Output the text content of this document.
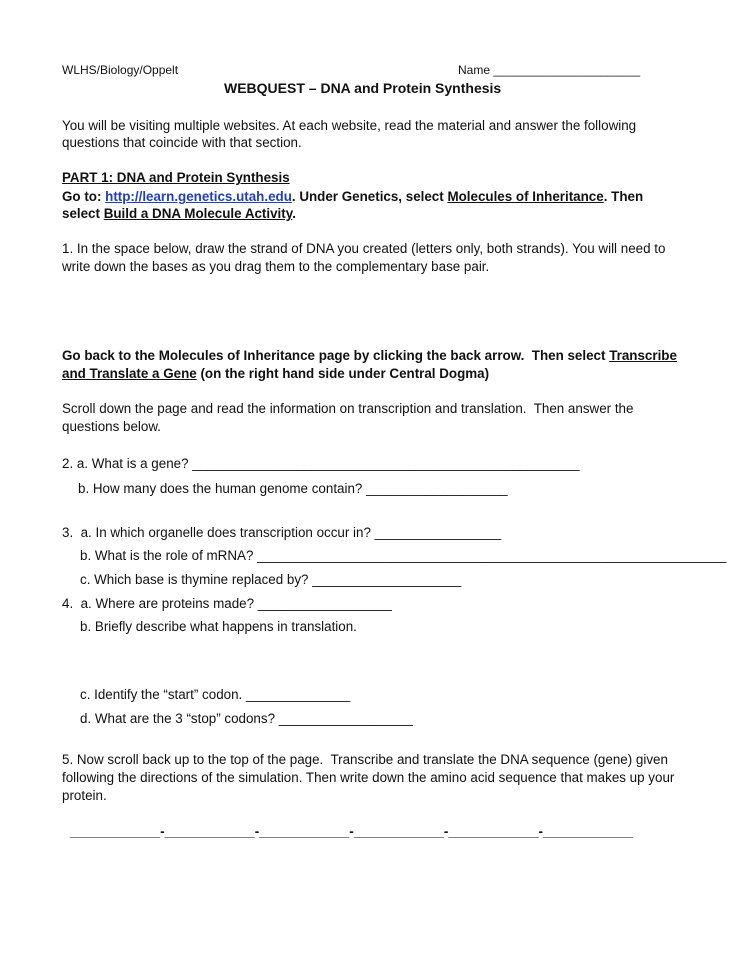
WLHS/Biology/Oppelt	Name ______________________
WEBQUEST – DNA and Protein Synthesis
You will be visiting multiple websites. At each website, read the material and answer the following
questions that coincide with that section.
PART 1: DNA and Protein Synthesis
Go to: http://learn.genetics.utah.edu. Under Genetics, select Molecules of Inheritance. Then
select Build a DNA Molecule Activity.
1. In the space below, draw the strand of DNA you created (letters only, both strands). You will need to
write down the bases as you drag them to the complementary base pair.
Go back to the Molecules of Inheritance page by clicking the back arrow.  Then select Transcribe
and Translate a Gene (on the right hand side under Central Dogma)
Scroll down the page and read the information on transcription and translation.  Then answer the
questions below.
2. a. What is a gene? ____________________________________________________
b. How many does the human genome contain? ___________________
3.  a. In which organelle does transcription occur in? _________________
b. What is the role of mRNA? _______________________________________________________________
c. Which base is thymine replaced by? ____________________
4.  a. Where are proteins made? __________________
b. Briefly describe what happens in translation.
c. Identify the “start” codon. ______________
d. What are the 3 “stop” codons? __________________
5. Now scroll back up to the top of the page.  Transcribe and translate the DNA sequence (gene) given
following the directions of the simulation. Then write down the amino acid sequence that makes up your
protein.
____________-____________-____________-____________-____________-____________
